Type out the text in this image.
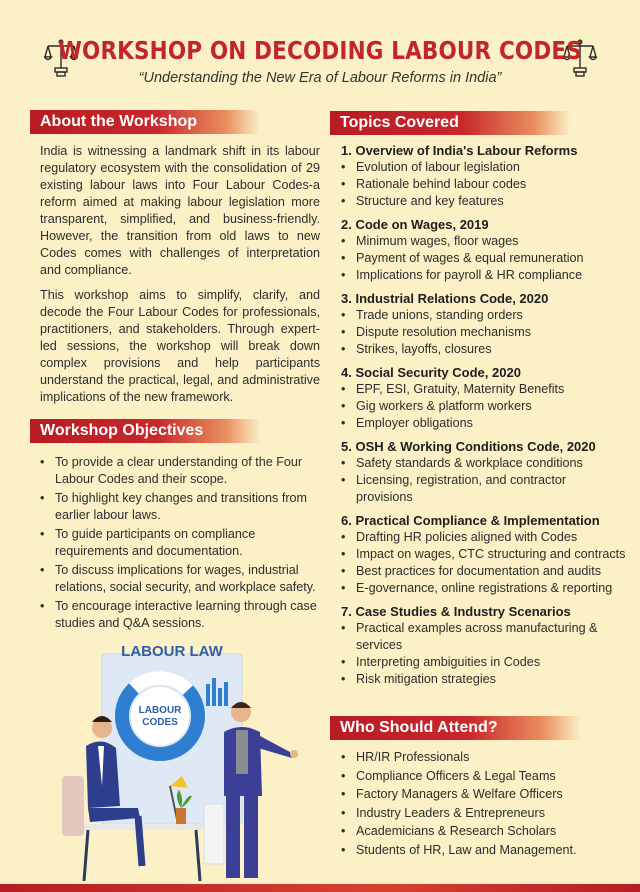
WORKSHOP ON DECODING LABOUR CODES
“Understanding the New Era of Labour Reforms in India”
About the Workshop
India is witnessing a landmark shift in its labour regulatory ecosystem with the consolidation of 29 existing labour laws into Four Labour Codes-a reform aimed at making labour legislation more transparent, simplified, and business-friendly. However, the transition from old laws to new Codes comes with challenges of interpretation and compliance.
This workshop aims to simplify, clarify, and decode the Four Labour Codes for professionals, practitioners, and stakeholders. Through expert-led sessions, the workshop will break down complex provisions and help participants understand the practical, legal, and administrative implications of the new framework.
Workshop Objectives
• To provide a clear understanding of the Four Labour Codes and their scope.
• To highlight key changes and transitions from earlier labour laws.
• To guide participants on compliance requirements and documentation.
• To discuss implications for wages, industrial relations, social security, and workplace safety.
• To encourage interactive learning through case studies and Q&A sessions.
Topics Covered
1. Overview of India's Labour Reforms
• Evolution of labour legislation
• Rationale behind labour codes
• Structure and key features
2. Code on Wages, 2019
• Minimum wages, floor wages
• Payment of wages & equal remuneration
• Implications for payroll & HR compliance
3. Industrial Relations Code, 2020
• Trade unions, standing orders
• Dispute resolution mechanisms
• Strikes, layoffs, closures
4. Social Security Code, 2020
• EPF, ESI, Gratuity, Maternity Benefits
• Gig workers & platform workers
• Employer obligations
5. OSH & Working Conditions Code, 2020
• Safety standards & workplace conditions
• Licensing, registration, and contractor provisions
6. Practical Compliance & Implementation
• Drafting HR policies aligned with Codes
• Impact on wages, CTC structuring and contracts
• Best practices for documentation and audits
• E-governance, online registrations & reporting
7. Case Studies & Industry Scenarios
• Practical examples across manufacturing & services
• Interpreting ambiguities in Codes
• Risk mitigation strategies
Who Should Attend?
• HR/IR Professionals
• Compliance Officers & Legal Teams
• Factory Managers & Welfare Officers
• Industry Leaders & Entrepreneurs
• Academicians & Research Scholars
• Students of HR, Law and Management.
LABOUR LAW
LABOUR
CODES
